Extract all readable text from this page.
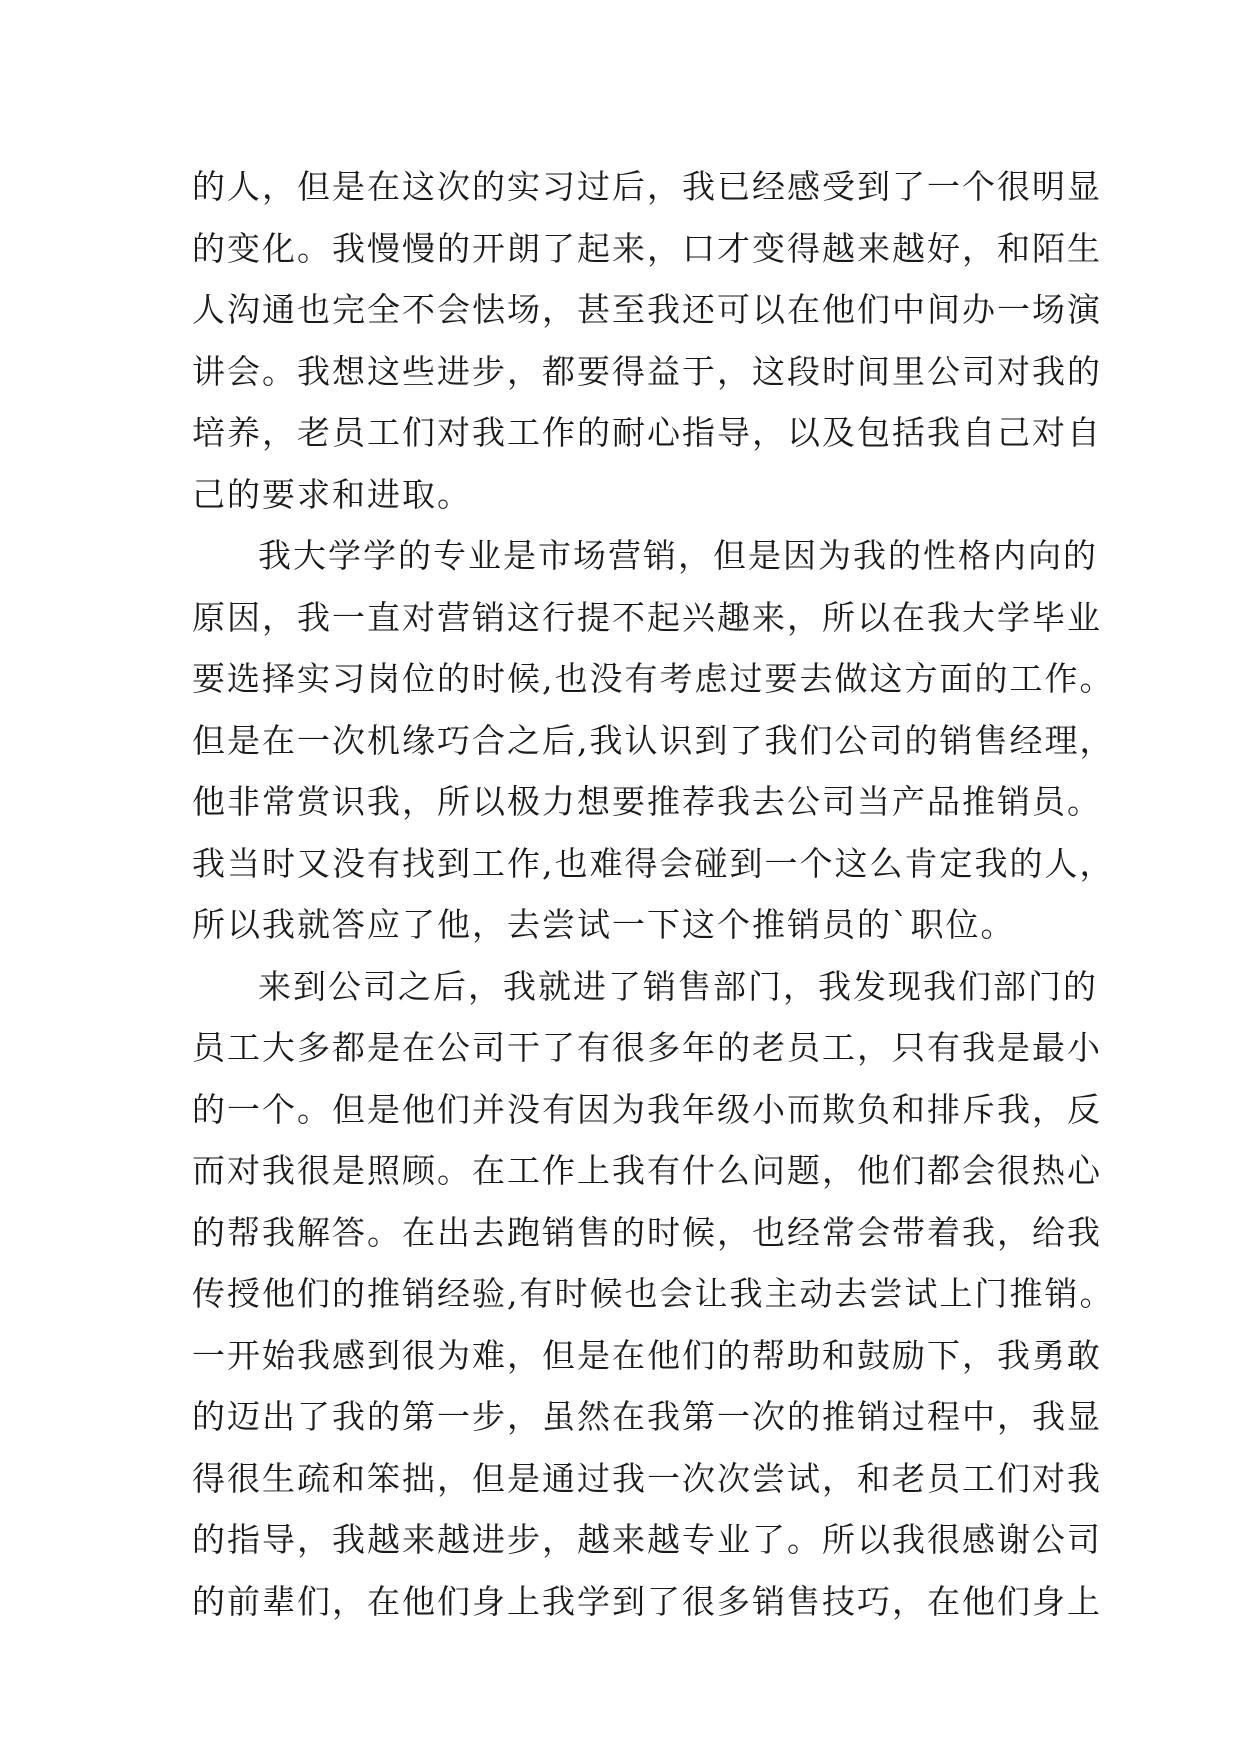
的人，但是在这次的实习过后，我已经感受到了一个很明显
的变化。我慢慢的开朗了起来，口才变得越来越好，和陌生
人沟通也完全不会怯场，甚至我还可以在他们中间办一场演
讲会。我想这些进步，都要得益于，这段时间里公司对我的
培养，老员工们对我工作的耐心指导，以及包括我自己对自
己的要求和进取。
我大学学的专业是市场营销，但是因为我的性格内向的
原因，我一直对营销这行提不起兴趣来，所以在我大学毕业
要选择实习岗位的时候,也没有考虑过要去做这方面的工作。
但是在一次机缘巧合之后,我认识到了我们公司的销售经理，
他非常赏识我，所以极力想要推荐我去公司当产品推销员。
我当时又没有找到工作,也难得会碰到一个这么肯定我的人，
所以我就答应了他，去尝试一下这个推销员的`职位。
来到公司之后，我就进了销售部门，我发现我们部门的
员工大多都是在公司干了有很多年的老员工，只有我是最小
的一个。但是他们并没有因为我年级小而欺负和排斥我，反
而对我很是照顾。在工作上我有什么问题，他们都会很热心
的帮我解答。在出去跑销售的时候，也经常会带着我，给我
传授他们的推销经验,有时候也会让我主动去尝试上门推销。
一开始我感到很为难，但是在他们的帮助和鼓励下，我勇敢
的迈出了我的第一步，虽然在我第一次的推销过程中，我显
得很生疏和笨拙，但是通过我一次次尝试，和老员工们对我
的指导，我越来越进步，越来越专业了。所以我很感谢公司
的前辈们，在他们身上我学到了很多销售技巧，在他们身上
